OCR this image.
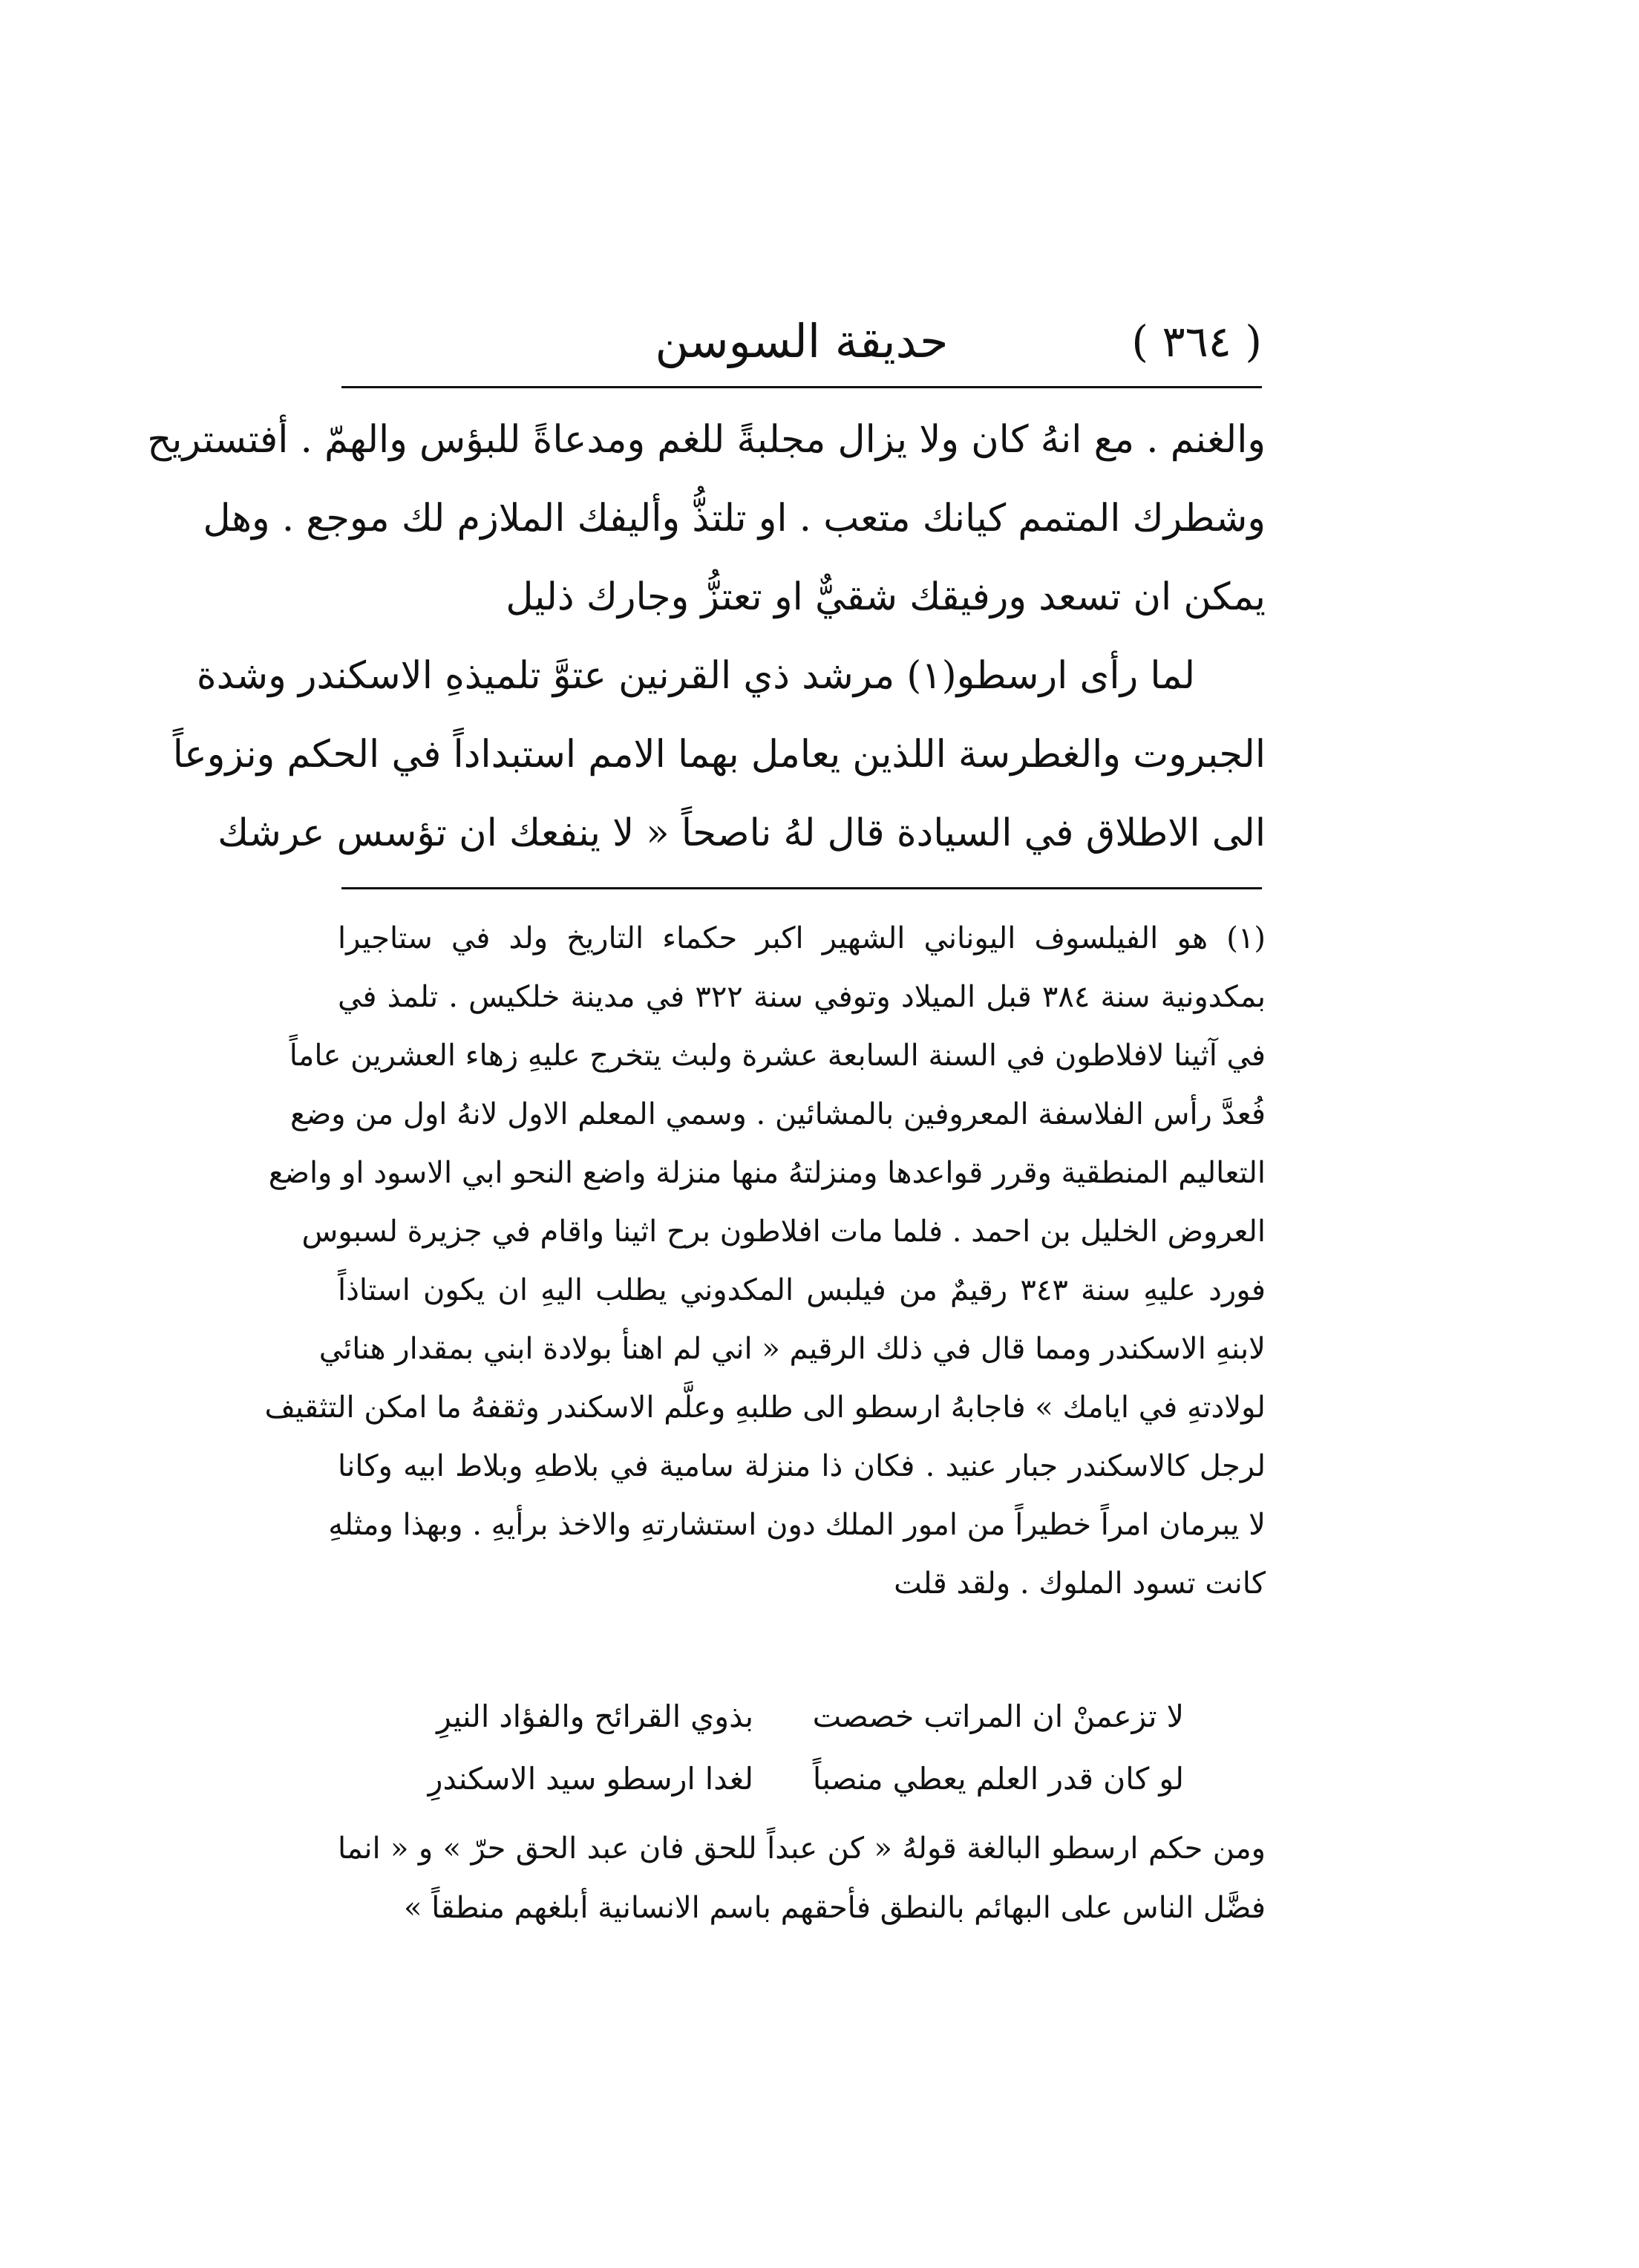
( ٣٦٤ )
حديقة السوسن
والغنم . مع انهُ كان ولا يزال مجلبةً للغم ومدعاةً للبؤس والهمّ . أفتستريح
وشطرك المتمم كيانك متعب . او تلتذُّ وأليفك الملازم لك موجع . وهل
يمكن ان تسعد ورفيقك شقيٌّ او تعتزُّ وجارك ذليل
لما رأى ارسطو(١) مرشد ذي القرنين عتوَّ تلميذهِ الاسكندر وشدة
الجبروت والغطرسة اللذين يعامل بهما الامم استبداداً في الحكم ونزوعاً
الى الاطلاق في السيادة قال لهُ ناصحاً « لا ينفعك ان تؤسس عرشك
(١) هو الفيلسوف اليوناني الشهير اكبر حكماء التاريخ ولد في ستاجيرا
بمكدونية سنة ٣٨٤ قبل الميلاد وتوفي سنة ٣٢٢ في مدينة خلكيس . تلمذ في
في آثينا لافلاطون في السنة السابعة عشرة ولبث يتخرج عليهِ زهاء العشرين عاماً
فُعدَّ رأس الفلاسفة المعروفين بالمشائين . وسمي المعلم الاول لانهُ اول من وضع
التعاليم المنطقية وقرر قواعدها ومنزلتهُ منها منزلة واضع النحو ابي الاسود او واضع
العروض الخليل بن احمد . فلما مات افلاطون برح اثينا واقام في جزيرة لسبوس
فورد عليهِ سنة ٣٤٣ رقيمٌ من فيلبس المكدوني يطلب اليهِ ان يكون استاذاً
لابنهِ الاسكندر ومما قال في ذلك الرقيم « اني لم اهنأ بولادة ابني بمقدار هنائي
لولادتهِ في ايامك » فاجابهُ ارسطو الى طلبهِ وعلَّم الاسكندر وثقفهُ ما امكن التثقيف
لرجل كالاسكندر جبار عنيد . فكان ذا منزلة سامية في بلاطهِ وبلاط ابيه وكانا
لا يبرمان امراً خطيراً من امور الملك دون استشارتهِ والاخذ برأيهِ . وبهذا ومثلهِ
كانت تسود الملوك . ولقد قلت
لا تزعمنْ ان المراتب خصصت
بذوي القرائح والفؤاد النيرِ
لو كان قدر العلم يعطي منصباً
لغدا ارسطو سيد الاسكندرِ
ومن حكم ارسطو البالغة قولهُ « كن عبداً للحق فان عبد الحق حرّ » و « انما
فضَّل الناس على البهائم بالنطق فأحقهم باسم الانسانية أبلغهم منطقاً »
